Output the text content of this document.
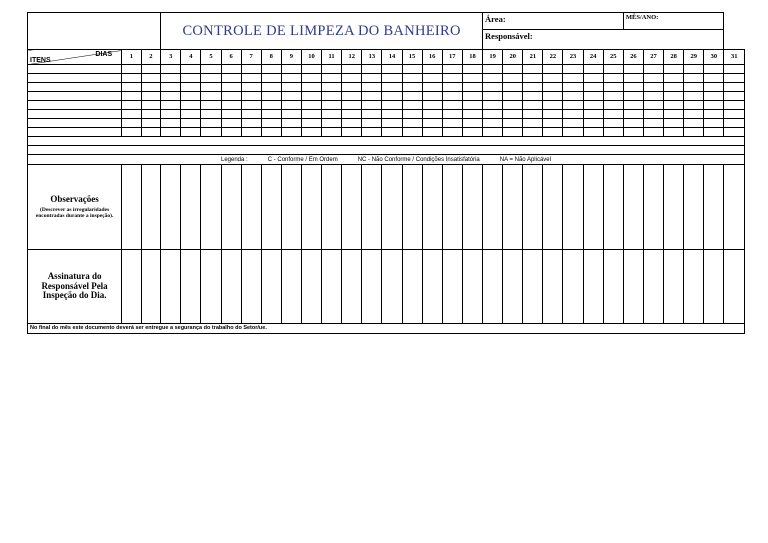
			CONTROLE DE LIMPEZA DO BANHEIRO																Área:							MÊS/ANO:					
																			Responsável:												

DIAS
ITENS	1	2	3	4	5	6	7	8	9	10	11	12	13	14	15	16	17	18	19	20	21	22	23	24	25	26	27	28	29	30	31

Legenda : C - Conforme / Em Ordem NC - Não Conforme / Condições Insatisfatória NA = Não Aplicável																															

Observações
(Descrever as irregularidades encontradas durante a inspeção).																															

Assinatura do Responsável Pela Inspeção do Dia.																															

No final do mês este documento deverá ser entregue a segurança do trabalho do Setor/ue.																															
